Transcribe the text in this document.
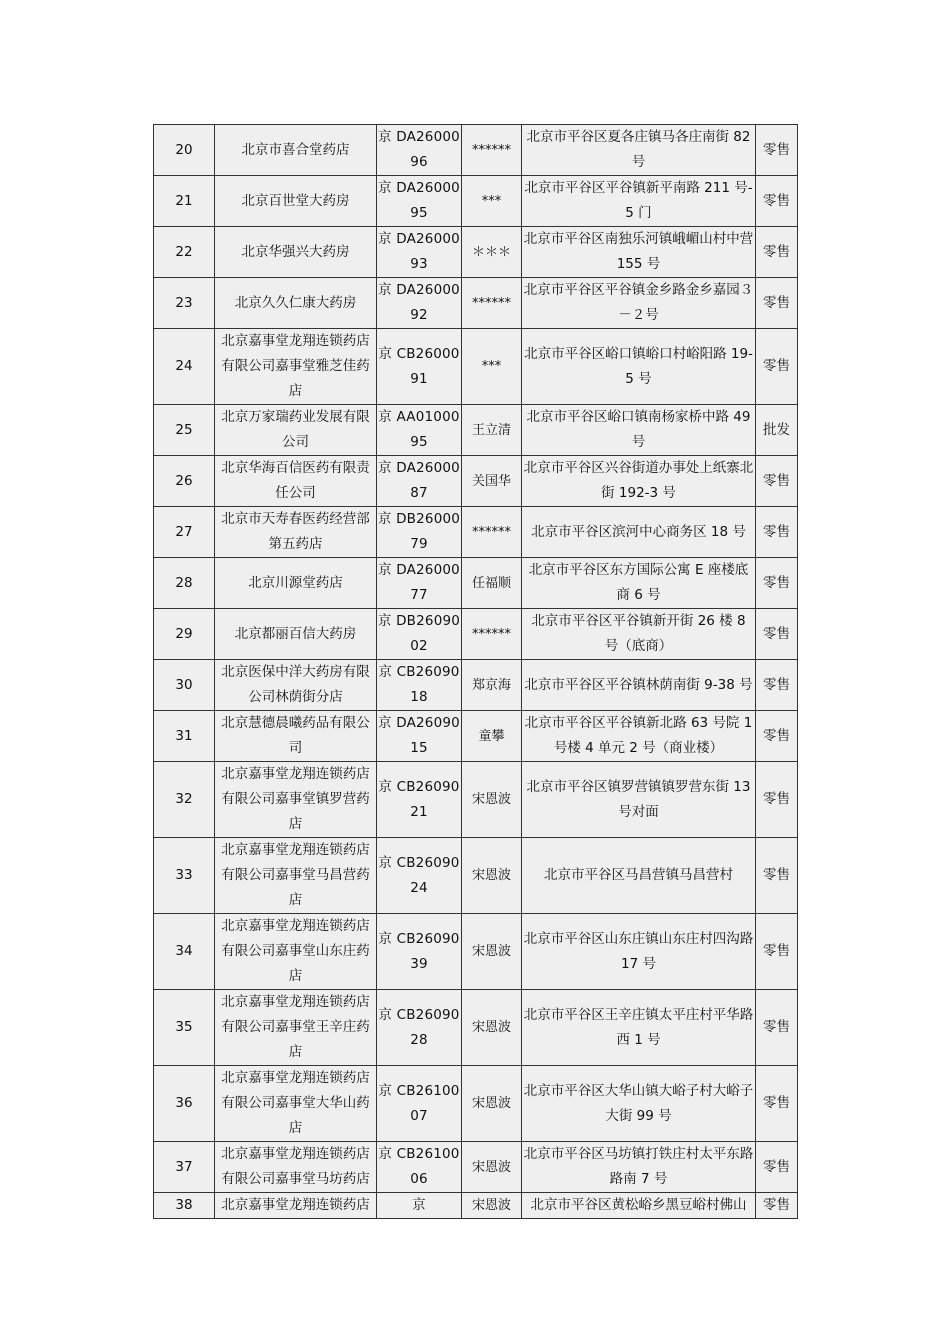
20	北京市喜合堂药店	京 DA2600096	******	北京市平谷区夏各庄镇马各庄南街 82 号	零售
21	北京百世堂大药房	京 DA2600095	***	北京市平谷区平谷镇新平南路 211 号-5 门	零售
22	北京华强兴大药房	京 DA2600093	＊＊＊	北京市平谷区南独乐河镇峨嵋山村中营 155 号	零售
23	北京久久仁康大药房	京 DA2600092	******	北京市平谷区平谷镇金乡路金乡嘉园３－２号	零售
24	北京嘉事堂龙翔连锁药店有限公司嘉事堂雅芝佳药店	京 CB2600091	***	北京市平谷区峪口镇峪口村峪阳路 19-5 号	零售
25	北京万家瑞药业发展有限公司	京 AA0100095	王立清	北京市平谷区峪口镇南杨家桥中路 49 号	批发
26	北京华海百信医药有限责任公司	京 DA2600087	关国华	北京市平谷区兴谷街道办事处上纸寨北街 192-3 号	零售
27	北京市天寿春医药经营部第五药店	京 DB2600079	******	北京市平谷区滨河中心商务区 18 号	零售
28	北京川源堂药店	京 DA2600077	任福顺	北京市平谷区东方国际公寓 E 座楼底商 6 号	零售
29	北京都丽百信大药房	京 DB2609002	******	北京市平谷区平谷镇新开街 26 楼 8 号（底商）	零售
30	北京医保中洋大药房有限公司林荫街分店	京 CB2609018	郑京海	北京市平谷区平谷镇林荫南街 9-38 号	零售
31	北京慧德晨曦药品有限公司	京 DA2609015	童攀	北京市平谷区平谷镇新北路 63 号院 1 号楼 4 单元 2 号（商业楼）	零售
32	北京嘉事堂龙翔连锁药店有限公司嘉事堂镇罗营药店	京 CB2609021	宋恩波	北京市平谷区镇罗营镇镇罗营东街 13 号对面	零售
33	北京嘉事堂龙翔连锁药店有限公司嘉事堂马昌营药店	京 CB2609024	宋恩波	北京市平谷区马昌营镇马昌营村	零售
34	北京嘉事堂龙翔连锁药店有限公司嘉事堂山东庄药店	京 CB2609039	宋恩波	北京市平谷区山东庄镇山东庄村四沟路 17 号	零售
35	北京嘉事堂龙翔连锁药店有限公司嘉事堂王辛庄药店	京 CB2609028	宋恩波	北京市平谷区王辛庄镇太平庄村平华路西 1 号	零售
36	北京嘉事堂龙翔连锁药店有限公司嘉事堂大华山药店	京 CB2610007	宋恩波	北京市平谷区大华山镇大峪子村大峪子大街 99 号	零售
37	北京嘉事堂龙翔连锁药店有限公司嘉事堂马坊药店	京 CB2610006	宋恩波	北京市平谷区马坊镇打铁庄村太平东路路南 7 号	零售
38	北京嘉事堂龙翔连锁药店	京	宋恩波	北京市平谷区黄松峪乡黑豆峪村佛山	零售
